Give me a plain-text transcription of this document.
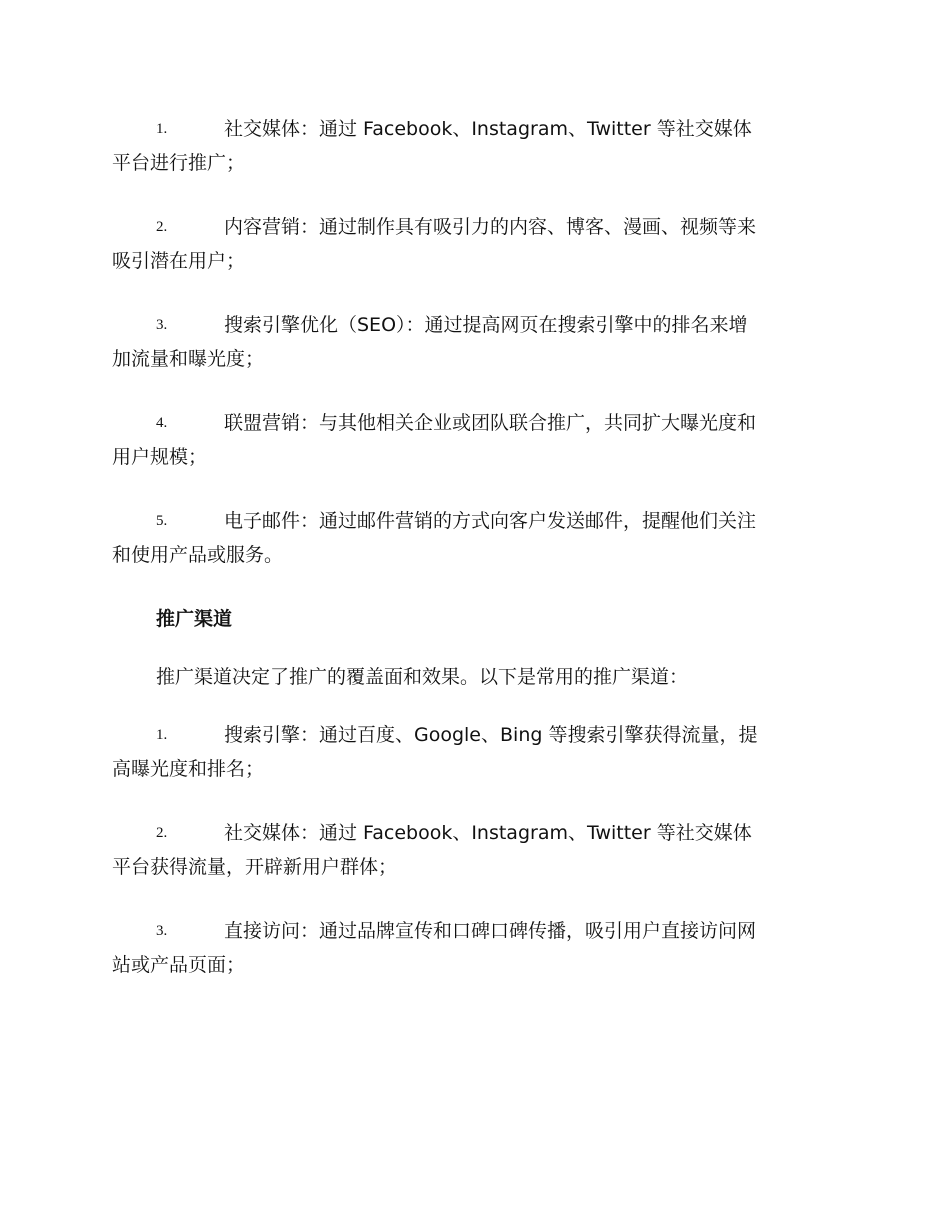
1.	社交媒体：通过 Facebook、Instagram、Twitter 等社交媒体
平台进行推广；
2.	内容营销：通过制作具有吸引力的内容、博客、漫画、视频等来
吸引潜在用户；
3.	搜索引擎优化（SEO）：通过提高网页在搜索引擎中的排名来增
加流量和曝光度；
4.	联盟营销：与其他相关企业或团队联合推广，共同扩大曝光度和
用户规模；
5.	电子邮件：通过邮件营销的方式向客户发送邮件，提醒他们关注
和使用产品或服务。
推广渠道
推广渠道决定了推广的覆盖面和效果。以下是常用的推广渠道：
1.	搜索引擎：通过百度、Google、Bing 等搜索引擎获得流量，提
高曝光度和排名；
2.	社交媒体：通过 Facebook、Instagram、Twitter 等社交媒体
平台获得流量，开辟新用户群体；
3.	直接访问：通过品牌宣传和口碑口碑传播，吸引用户直接访问网
站或产品页面；
